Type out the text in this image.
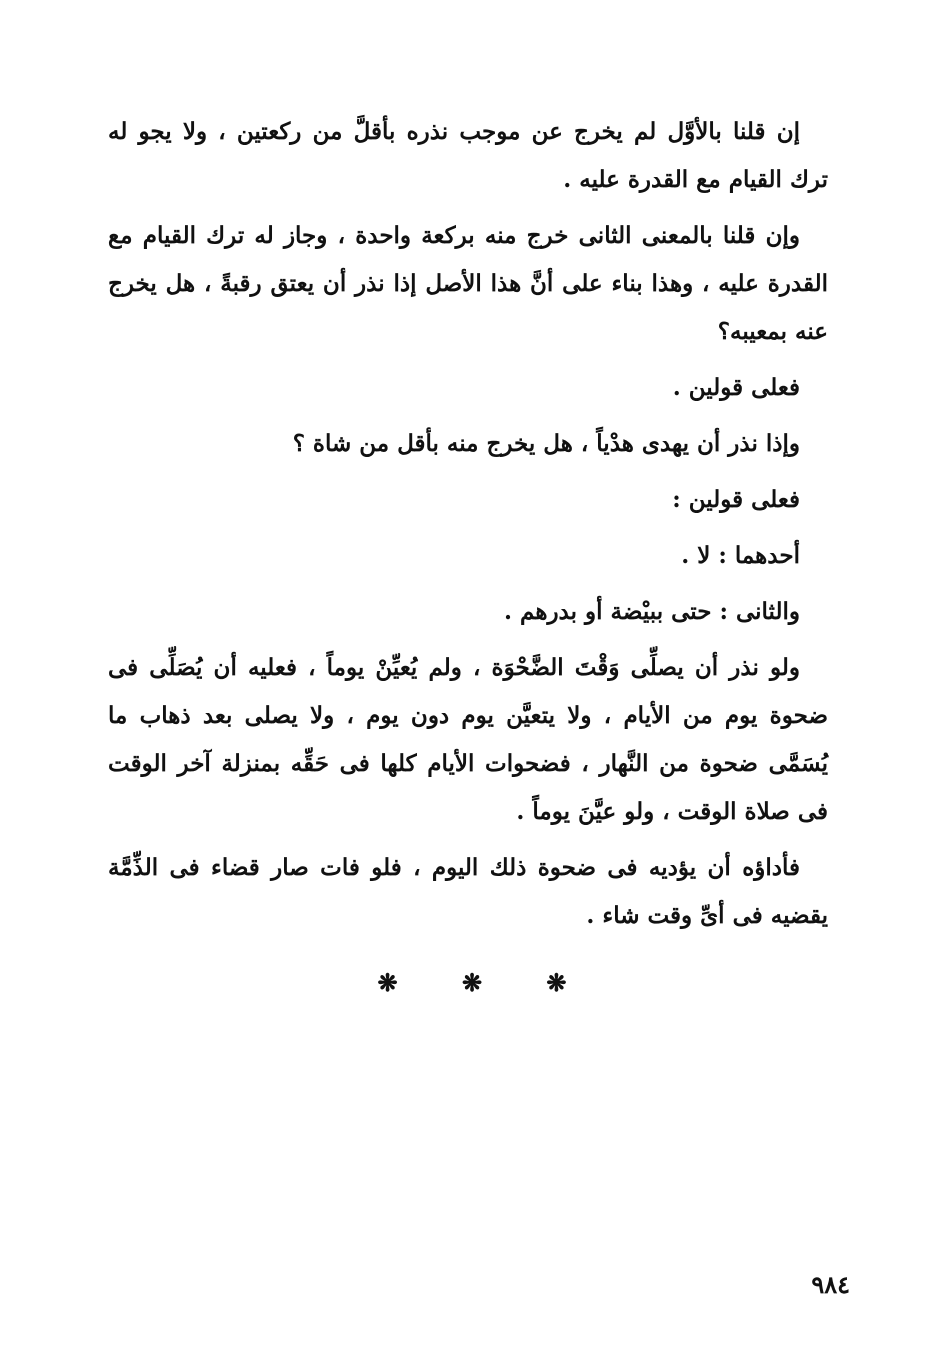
إن قلنا بالأوَّل لم يخرج عن موجب نذره بأقلَّ من ركعتين ، ولا يجو له ترك القيام مع القدرة عليه .

وإن قلنا بالمعنى الثانى خرج منه بركعة واحدة ، وجاز له ترك القيام مع القدرة عليه ، وهذا بناء على أنَّ هذا الأصل إذا نذر أن يعتق رقبةً ، هل يخرج عنه بمعيبه؟

فعلى قولين .

وإذا نذر أن يهدى هدْياً ، هل يخرج منه بأقل من شاة ؟

فعلى قولين :

أحدهما : لا .

والثانى : حتى ببيْضة أو بدرهم .

ولو نذر أن يصلِّى وَقْتَ الضَّحْوَة ، ولم يُعيِّنْ يوماً ، فعليه أن يُصَلِّى فى ضحوة يوم من الأيام ، ولا يتعيَّن يوم دون يوم ، ولا يصلى بعد ذهاب ما يُسَمَّى ضحوة من النَّهار ، فضحوات الأيام كلها فى حَقِّه بمنزلة آخر الوقت فى صلاة الوقت ، ولو عيَّنَ يوماً .

فأداؤه أن يؤديه فى ضحوة ذلك اليوم ، فلو فات صار قضاء فى الذِّمَّة يقضيه فى أىِّ وقت شاء .

❋	❋	❋
٩٨٤
